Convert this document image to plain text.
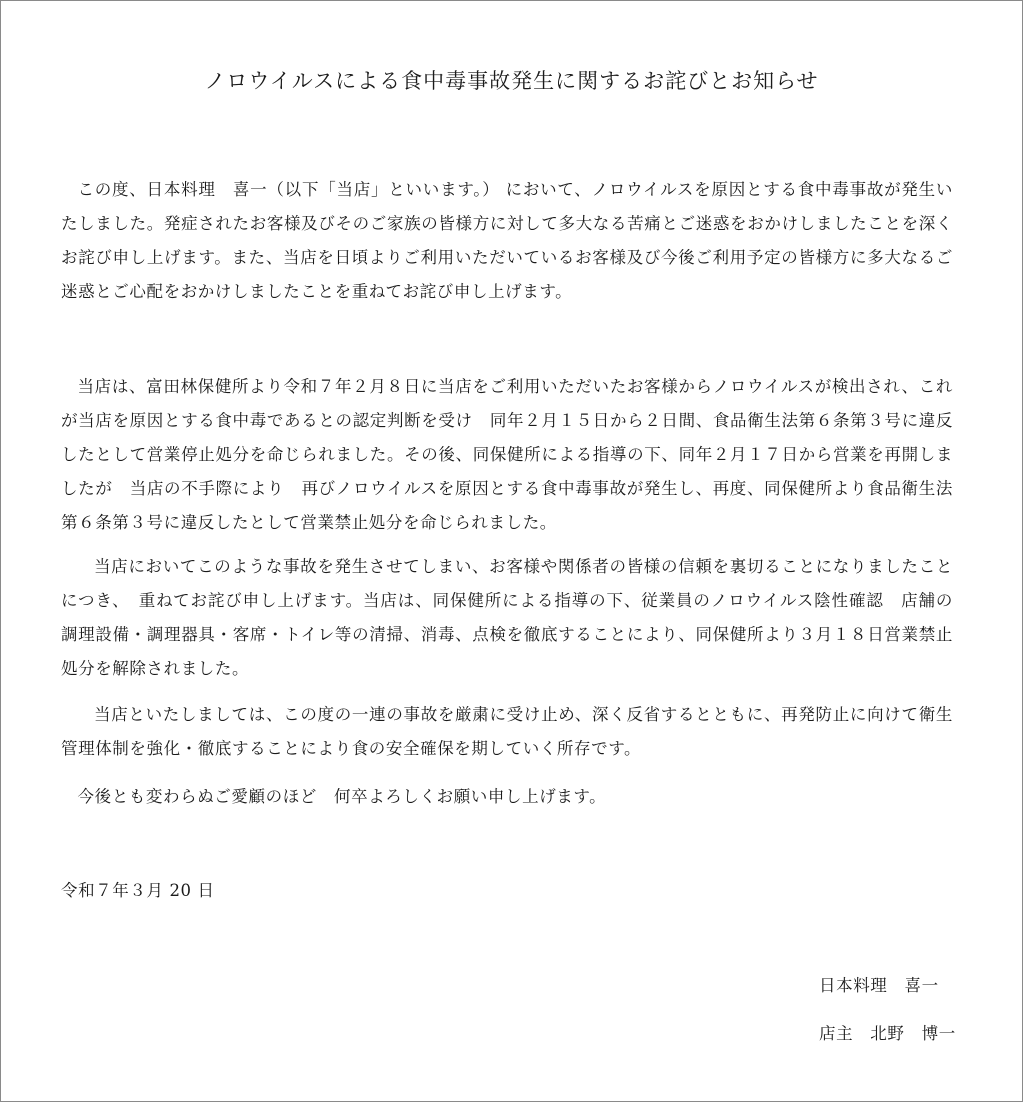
ノロウイルスによる食中毒事故発生に関するお詫びとお知らせ

この度、日本料理　喜一（以下「当店」といいます。） において、ノロウイルスを原因とする食中毒事故が発生いたしました。発症されたお客様及びそのご家族の皆様方に対して多大なる苦痛とご迷惑をおかけしましたことを深くお詫び申し上げます。また、当店を日頃よりご利用いただいているお客様及び今後ご利用予定の皆様方に多大なるご迷惑とご心配をおかけしましたことを重ねてお詫び申し上げます。

当店は、富田林保健所より令和７年２月８日に当店をご利用いただいたお客様からノロウイルスが検出され、これが当店を原因とする食中毒であるとの認定判断を受け　同年２月１５日から２日間、食品衛生法第６条第３号に違反したとして営業停止処分を命じられました。その後、同保健所による指導の下、同年２月１７日から営業を再開しましたが　当店の不手際により　再びノロウイルスを原因とする食中毒事故が発生し、再度、同保健所より食品衛生法第６条第３号に違反したとして営業禁止処分を命じられました。

当店においてこのような事故を発生させてしまい、お客様や関係者の皆様の信頼を裏切ることになりましたことにつき、　重ねてお詫び申し上げます。当店は、同保健所による指導の下、従業員のノロウイルス陰性確認　店舗の調理設備・調理器具・客席・トイレ等の清掃、消毒、点検を徹底することにより、同保健所より３月１８日営業禁止処分を解除されました。

当店といたしましては、この度の一連の事故を厳粛に受け止め、深く反省するとともに、再発防止に向けて衛生管理体制を強化・徹底することにより食の安全確保を期していく所存です。

今後とも変わらぬご愛顧のほど　何卒よろしくお願い申し上げます。

令和７年３月 20 日
日本料理　喜一
店主　北野　博一
